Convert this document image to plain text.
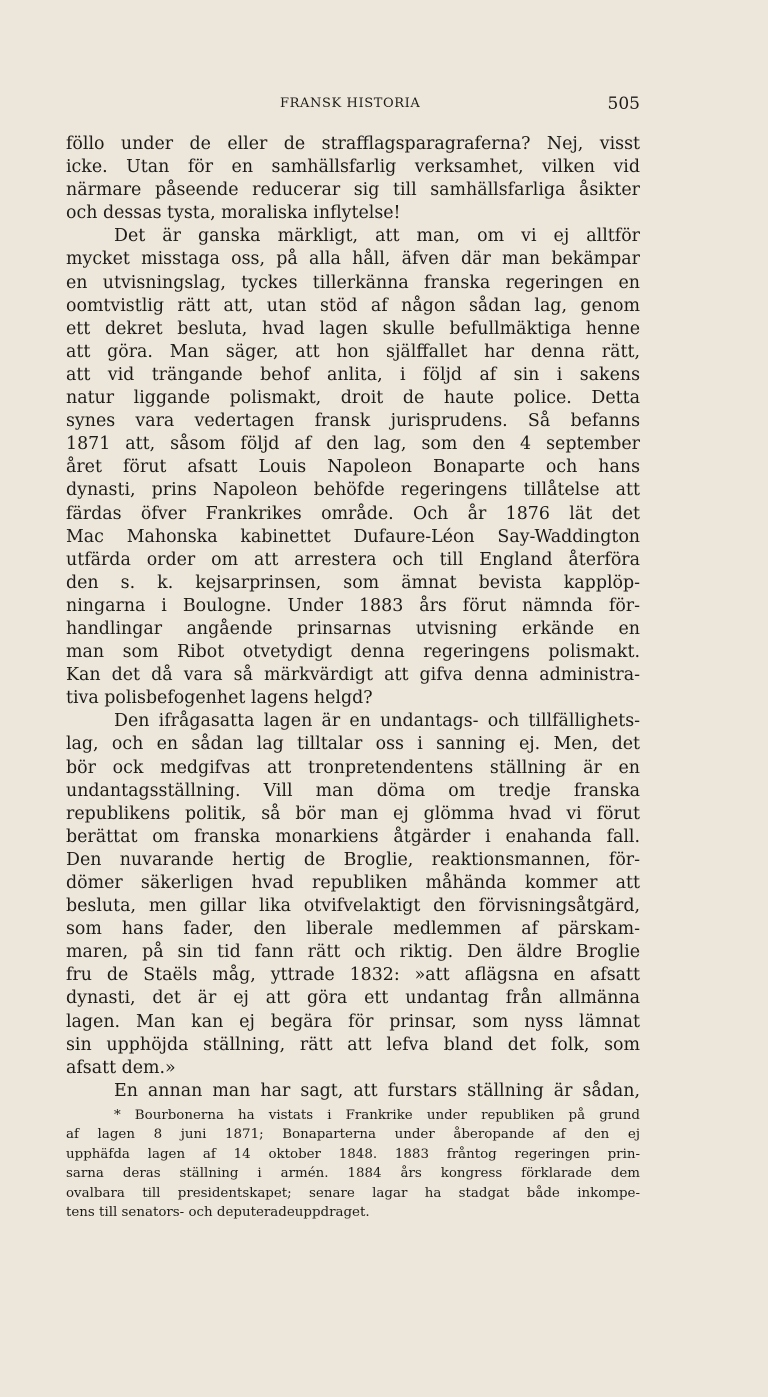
FRANSK HISTORIA	505
föllo under de eller de strafflagsparagraferna? Nej, visst
icke. Utan för en samhällsfarlig verksamhet, vilken vid
närmare påseende reducerar sig till samhällsfarliga åsikter
och dessas tysta, moraliska inflytelse!
Det är ganska märkligt, att man, om vi ej alltför
mycket misstaga oss, på alla håll, äfven där man bekämpar
en utvisningslag, tyckes tillerkänna franska regeringen en
oomtvistlig rätt att, utan stöd af någon sådan lag, genom
ett dekret besluta, hvad lagen skulle befullmäktiga henne
att göra. Man säger, att hon själffallet har denna rätt,
att vid trängande behof anlita, i följd af sin i sakens
natur liggande polismakt, droit de haute police. Detta
synes vara vedertagen fransk jurisprudens. Så befanns
1871 att, såsom följd af den lag, som den 4 september
året förut afsatt Louis Napoleon Bonaparte och hans
dynasti, prins Napoleon behöfde regeringens tillåtelse att
färdas öfver Frankrikes område. Och år 1876 lät det
Mac Mahonska kabinettet Dufaure-Léon Say-Waddington
utfärda order om att arrestera och till England återföra
den s. k. kejsarprinsen, som ämnat bevista kapplöp-
ningarna i Boulogne. Under 1883 års förut nämnda för-
handlingar angående prinsarnas utvisning erkände en
man som Ribot otvetydigt denna regeringens polismakt.
Kan det då vara så märkvärdigt att gifva denna administra-
tiva polisbefogenhet lagens helgd?
Den ifrågasatta lagen är en undantags- och tillfällighets-
lag, och en sådan lag tilltalar oss i sanning ej. Men, det
bör ock medgifvas att tronpretendentens ställning är en
undantagsställning. Vill man döma om tredje franska
republikens politik, så bör man ej glömma hvad vi förut
berättat om franska monarkiens åtgärder i enahanda fall.
Den nuvarande hertig de Broglie, reaktionsmannen, för-
dömer säkerligen hvad republiken måhända kommer att
besluta, men gillar lika otvifvelaktigt den förvisningsåtgärd,
som hans fader, den liberale medlemmen af pärskam-
maren, på sin tid fann rätt och riktig. Den äldre Broglie
fru de Staëls måg, yttrade 1832: »att aflägsna en afsatt
dynasti, det är ej att göra ett undantag från allmänna
lagen. Man kan ej begära för prinsar, som nyss lämnat
sin upphöjda ställning, rätt att lefva bland det folk, som
afsatt dem.»
En annan man har sagt, att furstars ställning är sådan,
* Bourbonerna ha vistats i Frankrike under republiken på grund
af lagen 8 juni 1871; Bonaparterna under åberopande af den ej
upphäfda lagen af 14 oktober 1848. 1883 fråntog regeringen prin-
sarna deras ställning i armén. 1884 års kongress förklarade dem
ovalbara till presidentskapet; senare lagar ha stadgat både inkompe-
tens till senators- och deputeradeuppdraget.
